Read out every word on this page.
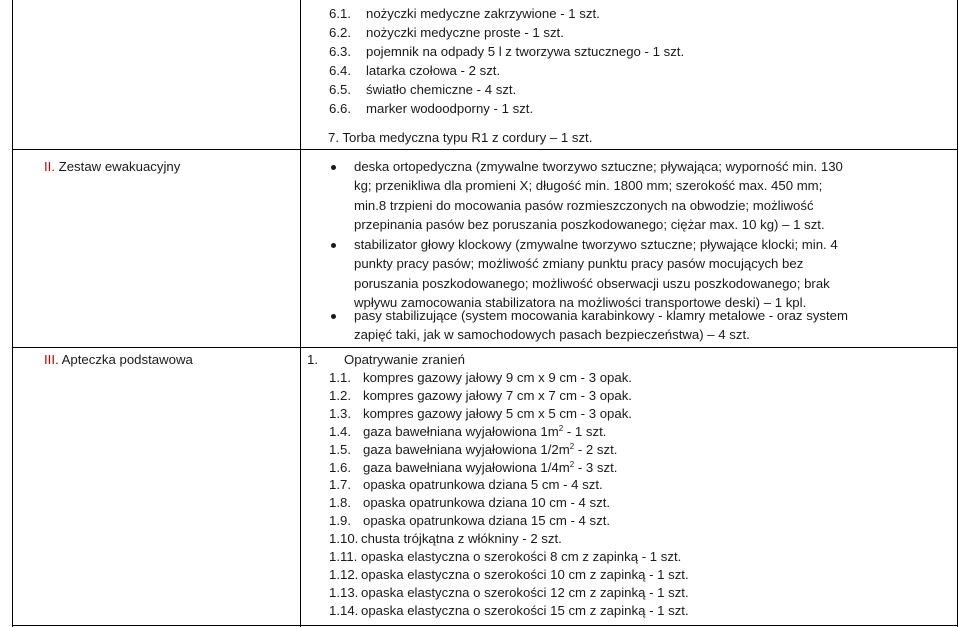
6.1. nożyczki medyczne zakrzywione - 1 szt.
6.2. nożyczki medyczne proste - 1 szt.
6.3. pojemnik na odpady 5 l z tworzywa sztucznego - 1 szt.
6.4. latarka czołowa - 2 szt.
6.5. światło chemiczne - 4 szt.
6.6. marker wodoodporny - 1 szt.
7. Torba medyczna typu R1 z cordury – 1 szt.
II. Zestaw ewakuacyjny	deska ortopedyczna (zmywalne tworzywo sztuczne; pływająca; wyporność min. 130
kg; przenikliwa dla promieni X; długość min. 1800 mm; szerokość max. 450 mm;
min.8 trzpieni do mocowania pasów rozmieszczonych na obwodzie; możliwość
przepinania pasów bez poruszania poszkodowanego; ciężar max. 10 kg) – 1 szt.
stabilizator głowy klockowy (zmywalne tworzywo sztuczne; pływające klocki; min. 4
punkty pracy pasów; możliwość zmiany punktu pracy pasów mocujących bez
poruszania poszkodowanego; możliwość obserwacji uszu poszkodowanego; brak
wpływu zamocowania stabilizatora na możliwości transportowe deski) – 1 kpl.
pasy stabilizujące (system mocowania karabinkowy - klamry metalowe - oraz system
zapięć taki, jak w samochodowych pasach bezpieczeństwa) – 4 szt.
III. Apteczka podstawowa	1. Opatrywanie zranień
1.1. kompres gazowy jałowy 9 cm x 9 cm - 3 opak.
1.2. kompres gazowy jałowy 7 cm x 7 cm - 3 opak.
1.3. kompres gazowy jałowy 5 cm x 5 cm - 3 opak.
1.4. gaza bawełniana wyjałowiona $1m^2 - 1$ szt.
1.5. gaza bawełniana wyjałowiona $1/2m^2 - 2$ szt.
1.6. gaza bawełniana wyjałowiona $1/4m^2 - 3$ szt.
1.7. opaska opatrunkowa dziana 5 cm - 4 szt.
1.8. opaska opatrunkowa dziana 10 cm - 4 szt.
1.9. opaska opatrunkowa dziana 15 cm - 4 szt.
1.10. chusta trójkątna z włókniny - 2 szt.
1.11. opaska elastyczna o szerokości 8 cm z zapinką - 1 szt.
1.12. opaska elastyczna o szerokości 10 cm z zapinką - 1 szt.
1.13. opaska elastyczna o szerokości 12 cm z zapinką - 1 szt.
1.14. opaska elastyczna o szerokości 15 cm z zapinką - 1 szt.
